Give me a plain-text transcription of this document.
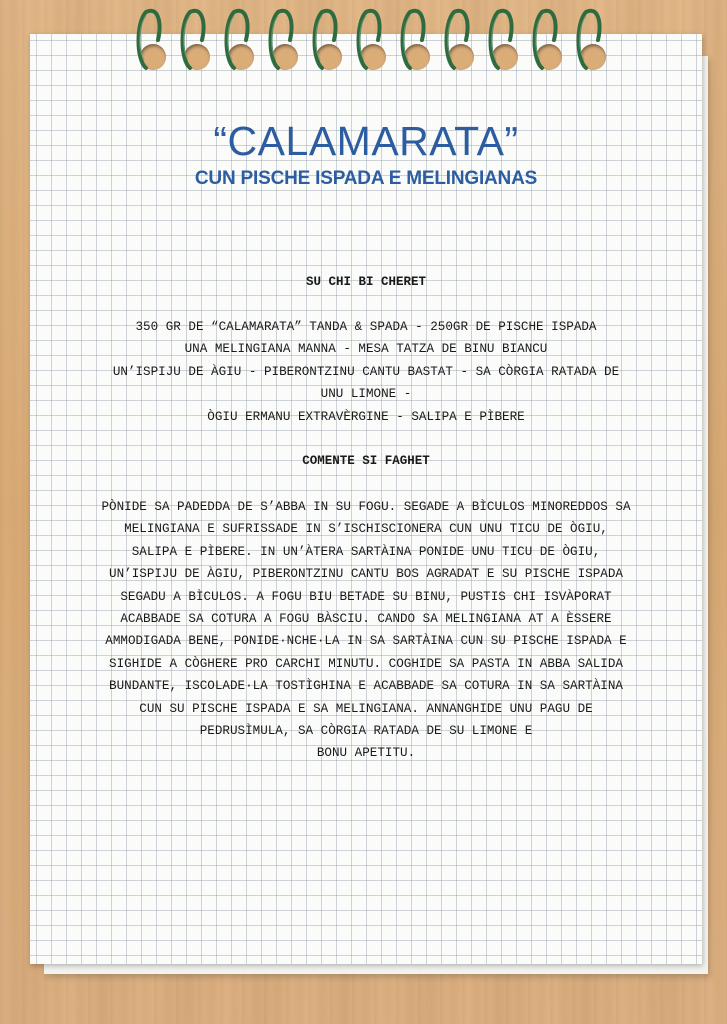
“CALAMARATA”
CUN PISCHE ISPADA E MELINGIANAS
SU CHI BI CHERET
350 GR DE “CALAMARATA” TANDA & SPADA - 250GR DE PISCHE ISPADA
UNA MELINGIANA MANNA - MESA TATZA DE BINU BIANCU
UN’ISPIJU DE ÀGIU - PIBERONTZINU CANTU BASTAT - SA CÒRGIA RATADA DE
UNU LIMONE -
ÒGIU ERMANU EXTRAVÈRGINE - SALIPA E PÌBERE
COMENTE SI FAGHET
PÒNIDE SA PADEDDA DE S’ABBA IN SU FOGU. SEGADE A BÌCULOS MINOREDDOS SA
MELINGIANA E SUFRISSADE IN S’ISCHISCIONERA CUN UNU TICU DE ÒGIU,
SALIPA E PÌBERE. IN UN’ÀTERA SARTÀINA PONIDE UNU TICU DE ÒGIU,
UN’ISPIJU DE ÀGIU, PIBERONTZINU CANTU BOS AGRADAT E SU PISCHE ISPADA
SEGADU A BÌCULOS. A FOGU BIU BETADE SU BINU, PUSTIS CHI ISVÀPORAT
ACABBADE SA COTURA A FOGU BÀSCIU. CANDO SA MELINGIANA AT A ÈSSERE
AMMODIGADA BENE, PONIDE·NCHE·LA IN SA SARTÀINA CUN SU PISCHE ISPADA E
SIGHIDE A CÒGHERE PRO CARCHI MINUTU. COGHIDE SA PASTA IN ABBA SALIDA
BUNDANTE, ISCOLADE·LA TOSTÌGHINA E ACABBADE SA COTURA IN SA SARTÀINA
CUN SU PISCHE ISPADA E SA MELINGIANA. ANNANGHIDE UNU PAGU DE
PEDRUSÌMULA, SA CÒRGIA RATADA DE SU LIMONE E
BONU APETITU.
